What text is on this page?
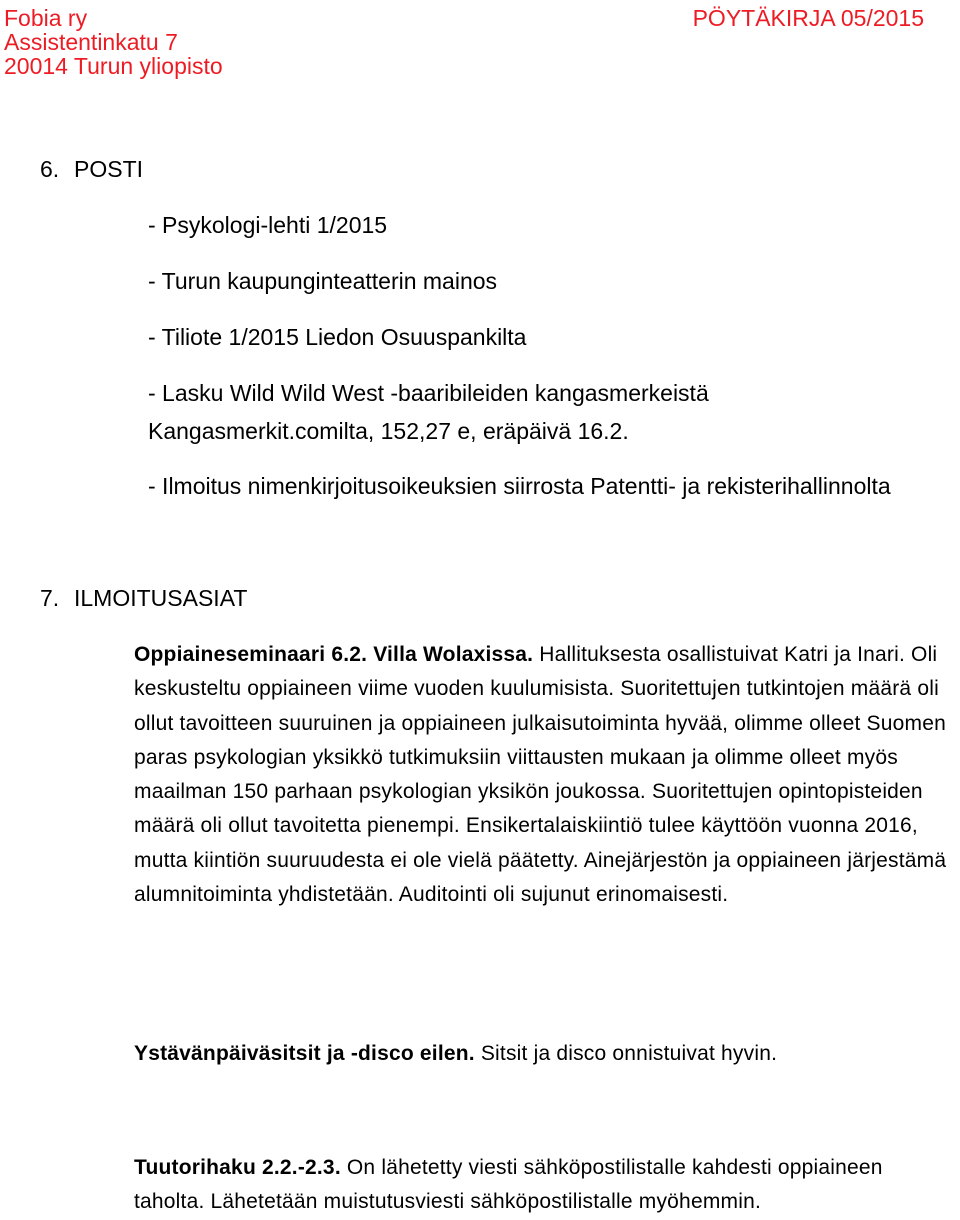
Fobia ry
Assistentinkatu 7
20014 Turun yliopisto
PÖYTÄKIRJA 05/2015
6. POSTI
- Psykologi-lehti 1/2015
- Turun kaupunginteatterin mainos
- Tiliote 1/2015 Liedon Osuuspankilta
- Lasku Wild Wild West -baaribileiden kangasmerkeistä
Kangasmerkit.comilta, 152,27 e, eräpäivä 16.2.
- Ilmoitus nimenkirjoitusoikeuksien siirrosta Patentti- ja rekisterihallinnolta
7. ILMOITUSASIAT
Oppiaineseminaari 6.2. Villa Wolaxissa. Hallituksesta osallistuivat Katri ja Inari. Oli keskusteltu oppiaineen viime vuoden kuulumisista. Suoritettujen tutkintojen määrä oli ollut tavoitteen suuruinen ja oppiaineen julkaisutoiminta hyvää, olimme olleet Suomen paras psykologian yksikkö tutkimuksiin viittausten mukaan ja olimme olleet myös maailman 150 parhaan psykologian yksikön joukossa. Suoritettujen opintopisteiden määrä oli ollut tavoitetta pienempi. Ensikertalaiskiintiö tulee käyttöön vuonna 2016, mutta kiintiön suuruudesta ei ole vielä päätetty. Ainejärjestön ja oppiaineen järjestämä alumnitoiminta yhdistetään. Auditointi oli sujunut erinomaisesti.
Ystävänpäiväsitsit ja -disco eilen. Sitsit ja disco onnistuivat hyvin.
Tuutorihaku 2.2.-2.3. On lähetetty viesti sähköpostilistalle kahdesti oppiaineen taholta. Lähetetään muistutusviesti sähköpostilistalle myöhemmin.
